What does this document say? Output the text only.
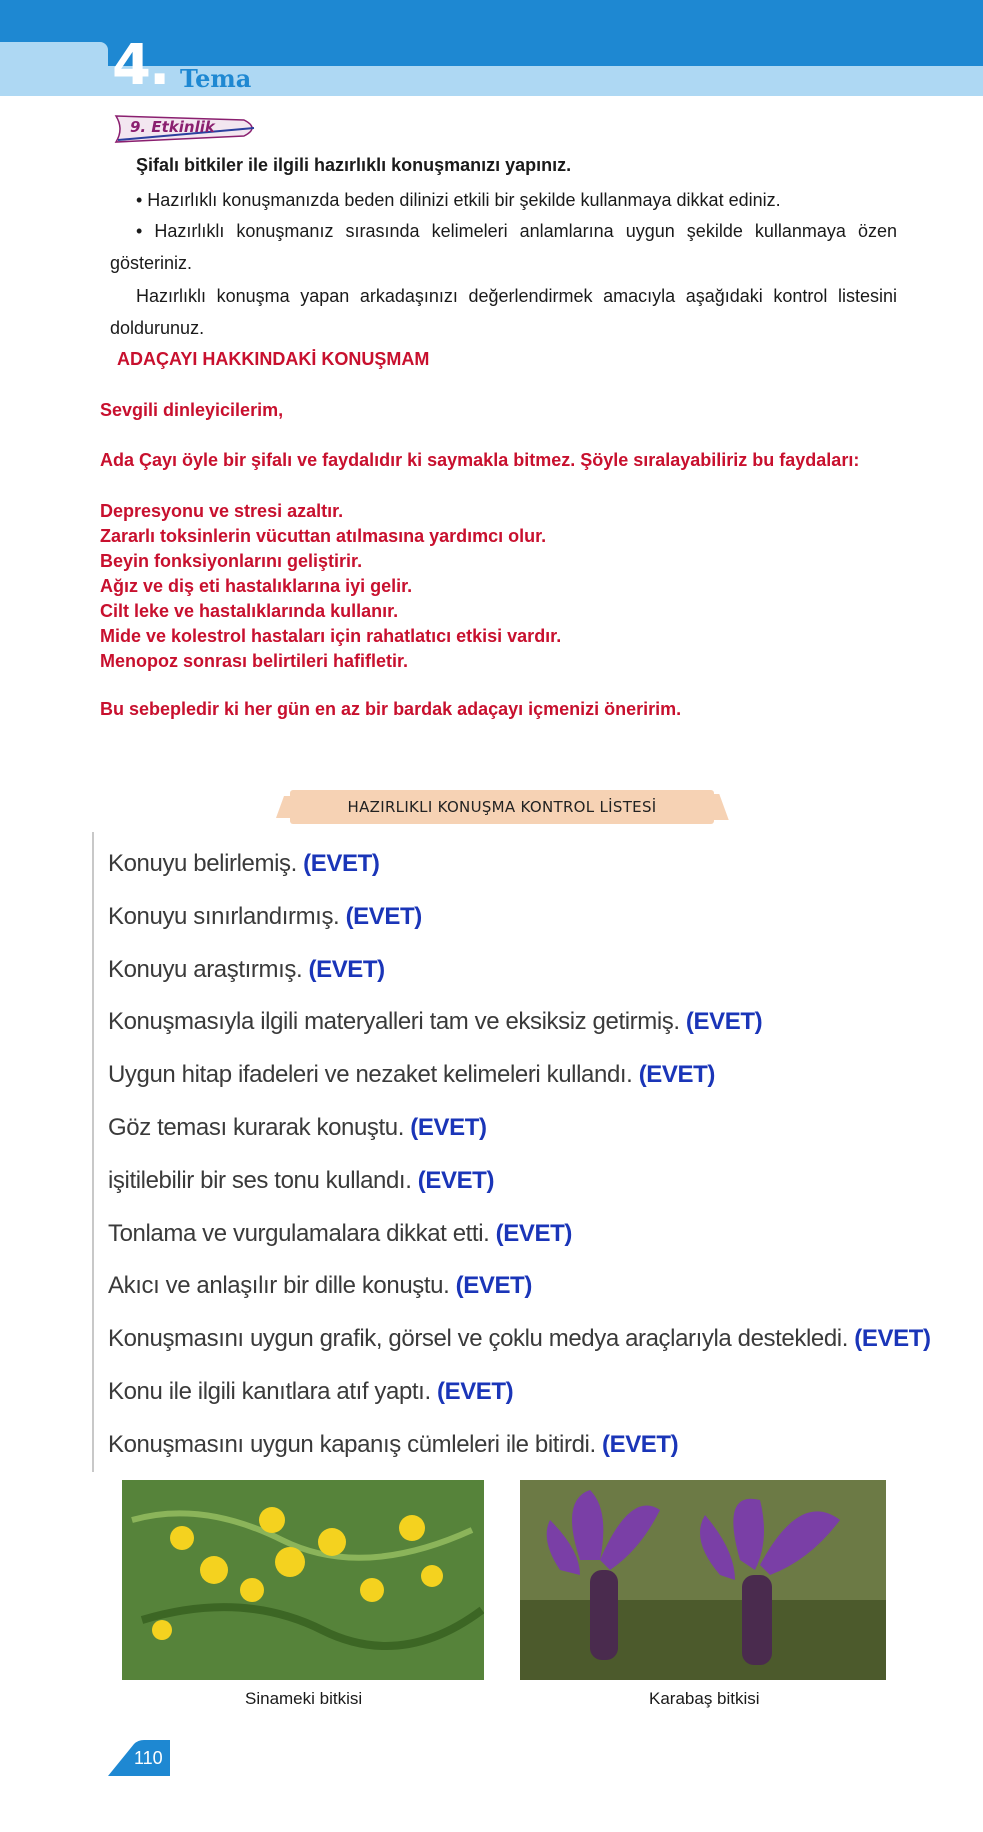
4. Tema
9. Etkinlik
Şifalı bitkiler ile ilgili hazırlıklı konuşmanızı yapınız.
• Hazırlıklı konuşmanızda beden dilinizi etkili bir şekilde kullanmaya dikkat ediniz.
• Hazırlıklı konuşmanız sırasında kelimeleri anlamlarına uygun şekilde kullanmaya özen gösteriniz.
Hazırlıklı konuşma yapan arkadaşınızı değerlendirmek amacıyla aşağıdaki kontrol listesini doldurunuz.
ADAÇAYI HAKKINDAKİ KONUŞMAM
Sevgili dinleyicilerim,
Ada Çayı öyle bir şifalı ve faydalıdır ki saymakla bitmez. Şöyle sıralayabiliriz bu faydaları:
Depresyonu ve stresi azaltır.
Zararlı toksinlerin vücuttan atılmasına yardımcı olur.
Beyin fonksiyonlarını geliştirir.
Ağız ve diş eti hastalıklarına iyi gelir.
Cilt leke ve hastalıklarında kullanır.
Mide ve kolestrol hastaları için rahatlatıcı etkisi vardır.
Menopoz sonrası belirtileri hafifletir.
Bu sebepledir ki her gün en az bir bardak adaçayı içmenizi öneririm.
HAZIRLIKLI KONUŞMA KONTROL LİSTESİ
Konuyu belirlemiş. (EVET)
Konuyu sınırlandırmış. (EVET)
Konuyu araştırmış. (EVET)
Konuşmasıyla ilgili materyalleri tam ve eksiksiz getirmiş. (EVET)
Uygun hitap ifadeleri ve nezaket kelimeleri kullandı. (EVET)
Göz teması kurarak konuştu. (EVET)
işitilebilir bir ses tonu kullandı. (EVET)
Tonlama ve vurgulamalara dikkat etti. (EVET)
Akıcı ve anlaşılır bir dille konuştu. (EVET)
Konuşmasını uygun grafik, görsel ve çoklu medya araçlarıyla destekledi. (EVET)
Konu ile ilgili kanıtlara atıf yaptı. (EVET)
Konuşmasını uygun kapanış cümleleri ile bitirdi. (EVET)
Sinameki bitkisi	Karabaş bitkisi
110
